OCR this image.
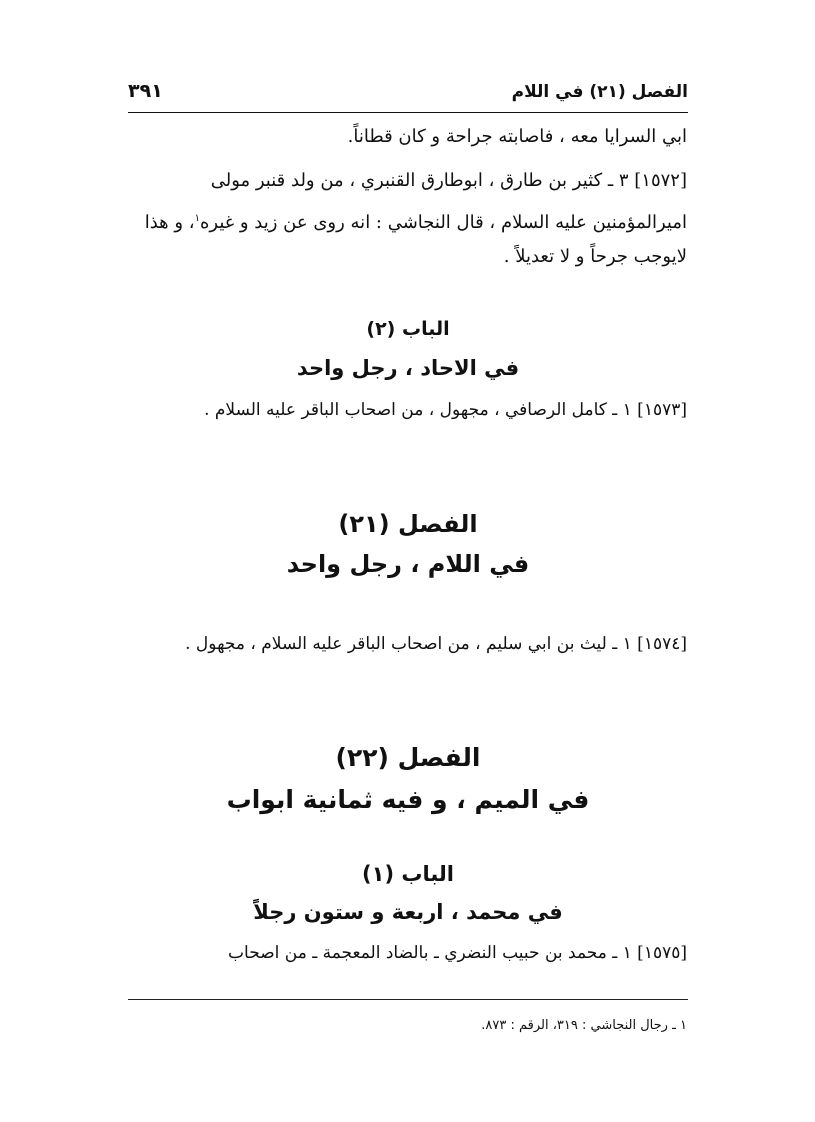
الفصل (٢١) في اللام
٣٩١
ابي السرايا معه ، فاصابته جراحة و كان قطاناً.
[١٥٧٢] ٣ ـ كثير بن طارق ، ابوطارق القنبري ، من ولد قنبر مولى
اميرالمؤمنين عليه السلام ، قال النجاشي : انه روى عن زيد و غيره$^١$، و هذا
لايوجب جرحاً و لا تعديلاً .
الباب (٢)
في الاحاد ، رجل واحد
[١٥٧٣] ١ ـ كامل الرصافي ، مجهول ، من اصحاب الباقر عليه السلام .
الفصل (٢١)
في اللام ، رجل واحد
[١٥٧٤] ١ ـ ليث بن ابي سليم ، من اصحاب الباقر عليه السلام ، مجهول .
الفصل (٢٢)
في الميم ، و فيه ثمانية ابواب
الباب (١)
في محمد ، اربعة و ستون رجلاً
[١٥٧٥] ١ ـ محمد بن حبيب النضري ـ بالضاد المعجمة ـ من اصحاب
١ ـ رجال النجاشي : ٣١٩، الرقم : ٨٧٣.
